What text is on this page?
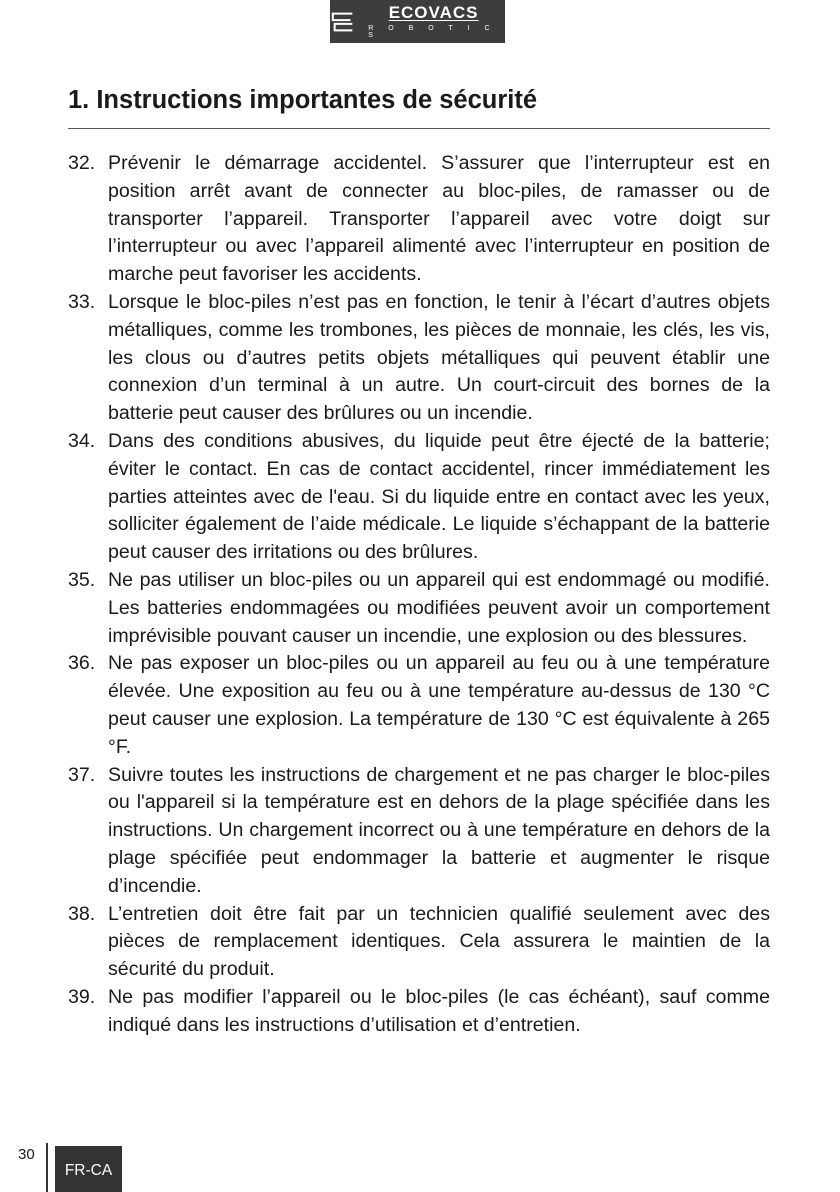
ECOVACS
R O B O T I C S
1. Instructions importantes de sécurité
32. Prévenir le démarrage accidentel. S’assurer que l’interrupteur est en position arrêt avant de connecter au bloc-piles, de ramasser ou de transporter l’appareil. Transporter l’appareil avec votre doigt sur l’interrupteur ou avec l’appareil alimenté avec l’interrupteur en position de marche peut favoriser les accidents.
33. Lorsque le bloc-piles n’est pas en fonction, le tenir à l’écart d’autres objets métalliques, comme les trombones, les pièces de monnaie, les clés, les vis, les clous ou d’autres petits objets métalliques qui peuvent établir une connexion d’un terminal à un autre. Un court-circuit des bornes de la batterie peut causer des brûlures ou un incendie.
34. Dans des conditions abusives, du liquide peut être éjecté de la batterie; éviter le contact. En cas de contact accidentel, rincer immédiatement les parties atteintes avec de l'eau. Si du liquide entre en contact avec les yeux, solliciter également de l’aide médicale. Le liquide s’échappant de la batterie peut causer des irritations ou des brûlures.
35. Ne pas utiliser un bloc-piles ou un appareil qui est endommagé ou modifié. Les batteries endommagées ou modifiées peuvent avoir un comportement imprévisible pouvant causer un incendie, une explosion ou des blessures.
36. Ne pas exposer un bloc-piles ou un appareil au feu ou à une température élevée. Une exposition au feu ou à une température au-dessus de 130 °C peut causer une explosion. La température de 130 °C est équivalente à 265 °F.
37. Suivre toutes les instructions de chargement et ne pas charger le bloc-piles ou l'appareil si la température est en dehors de la plage spécifiée dans les instructions. Un chargement incorrect ou à une température en dehors de la plage spécifiée peut endommager la batterie et augmenter le risque d’incendie.
38. L’entretien doit être fait par un technicien qualifié seulement avec des pièces de remplacement identiques. Cela assurera le maintien de la sécurité du produit.
39. Ne pas modifier l’appareil ou le bloc-piles (le cas échéant), sauf comme indiqué dans les instructions d’utilisation et d’entretien.
30
FR-CA
